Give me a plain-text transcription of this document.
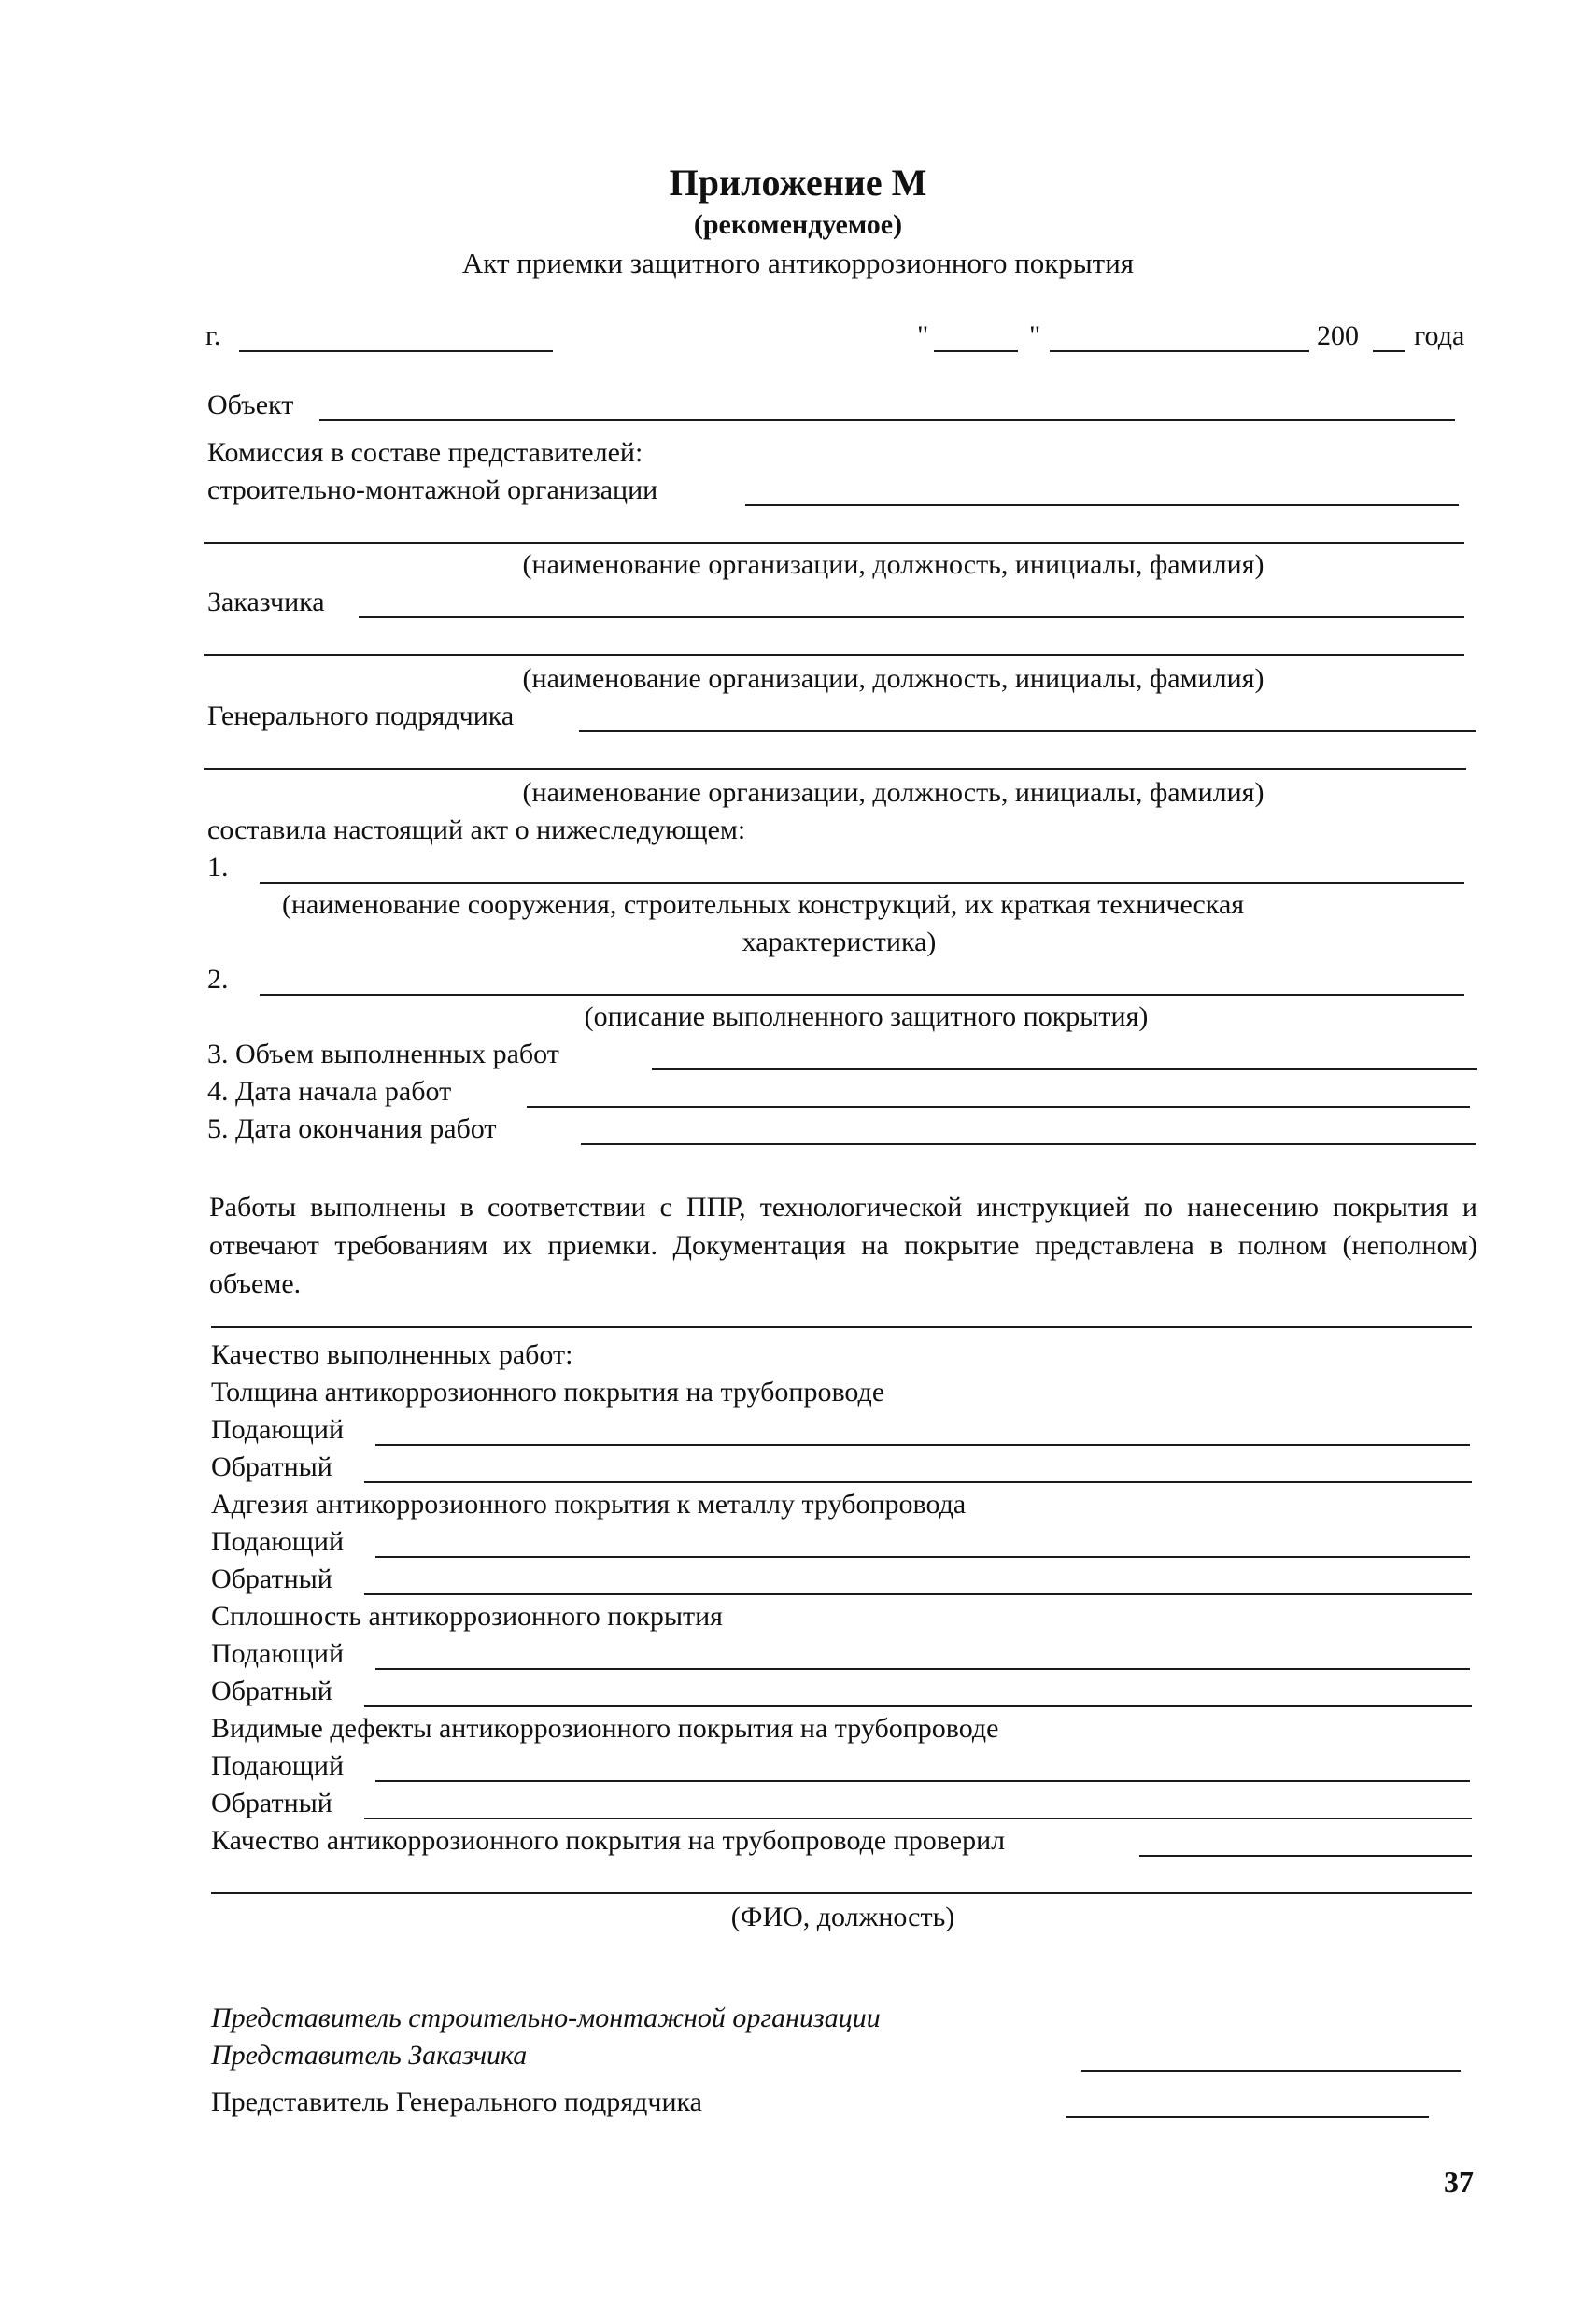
Приложение М
(рекомендуемое)
Акт приемки защитного антикоррозионного покрытия
г.	"	"	200 года
Объект
Комиссия в составе представителей:
строительно-монтажной организации
(наименование организации, должность, инициалы, фамилия)
Заказчика
(наименование организации, должность, инициалы, фамилия)
Генерального подрядчика
(наименование организации, должность, инициалы, фамилия)
составила настоящий акт о нижеследующем:
1.
(наименование сооружения, строительных конструкций, их краткая техническая
характеристика)
2.
(описание выполненного защитного покрытия)
3. Объем выполненных работ
4. Дата начала работ
5. Дата окончания работ
Работы выполнены в соответствии с ППР, технологической инструкцией по нанесению покрытия и отвечают требованиям их приемки. Документация на покрытие представлена в полном (неполном) объеме.
Качество выполненных работ:
Толщина антикоррозионного покрытия на трубопроводе
Подающий
Обратный
Адгезия антикоррозионного покрытия к металлу трубопровода
Подающий
Обратный
Сплошность антикоррозионного покрытия
Подающий
Обратный
Видимые дефекты антикоррозионного покрытия на трубопроводе
Подающий
Обратный
Качество антикоррозионного покрытия на трубопроводе проверил
(ФИО, должность)
Представитель строительно-монтажной организации
Представитель Заказчика
Представитель Генерального подрядчика
37
